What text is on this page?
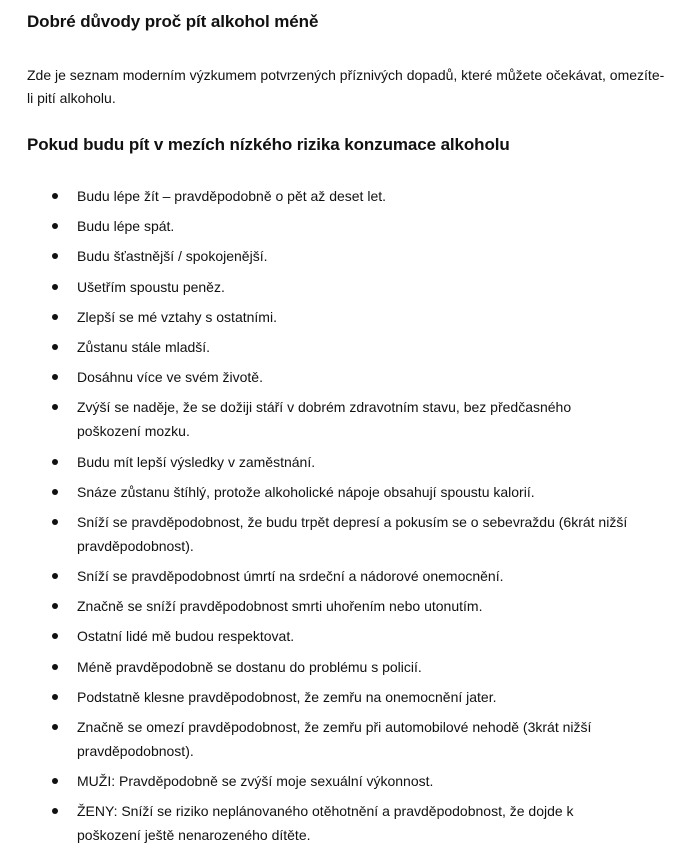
Dobré důvody proč pít alkohol méně

Zde je seznam moderním výzkumem potvrzených příznivých dopadů, které můžete očekávat, omezíte-li pití alkoholu.

Pokud budu pít v mezích nízkého rizika konzumace alkoholu
Budu lépe žít – pravděpodobně o pět až deset let.
Budu lépe spát.
Budu šťastnější / spokojenější.
Ušetřím spoustu peněz.
Zlepší se mé vztahy s ostatními.
Zůstanu stále mladší.
Dosáhnu více ve svém životě.
Zvýší se naděje, že se dožiji stáří v dobrém zdravotním stavu, bez předčasného poškození mozku.
Budu mít lepší výsledky v zaměstnání.
Snáze zůstanu štíhlý, protože alkoholické nápoje obsahují spoustu kalorií.
Sníží se pravděpodobnost, že budu trpět depresí a pokusím se o sebevraždu (6krát nižší pravděpodobnost).
Sníží se pravděpodobnost úmrtí na srdeční a nádorové onemocnění.
Značně se sníží pravděpodobnost smrti uhořením nebo utonutím.
Ostatní lidé mě budou respektovat.
Méně pravděpodobně se dostanu do problému s policií.
Podstatně klesne pravděpodobnost, že zemřu na onemocnění jater.
Značně se omezí pravděpodobnost, že zemřu při automobilové nehodě (3krát nižší pravděpodobnost).
MUŽI: Pravděpodobně se zvýší moje sexuální výkonnost.
ŽENY: Sníží se riziko neplánovaného otěhotnění a pravděpodobnost, že dojde k poškození ještě nenarozeného dítěte.
